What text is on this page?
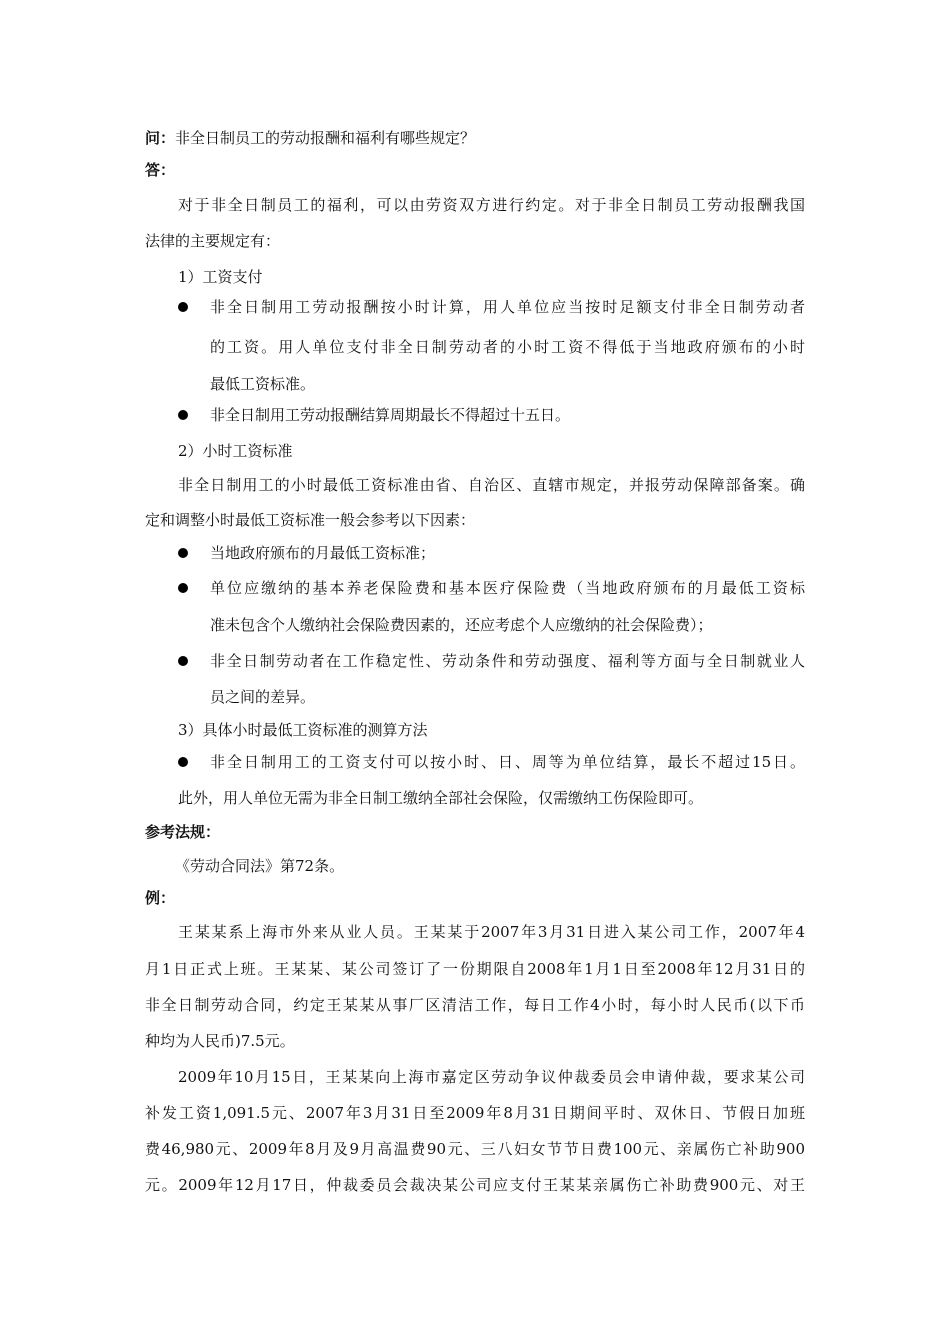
问：非全日制员工的劳动报酬和福利有哪些规定？
答：
对于非全日制员工的福利，可以由劳资双方进行约定。对于非全日制员工劳动报酬我国
法律的主要规定有：
1）工资支付
非全日制用工劳动报酬按小时计算，用人单位应当按时足额支付非全日制劳动者
的工资。用人单位支付非全日制劳动者的小时工资不得低于当地政府颁布的小时
最低工资标准。
非全日制用工劳动报酬结算周期最长不得超过十五日。
2）小时工资标准
非全日制用工的小时最低工资标准由省、自治区、直辖市规定，并报劳动保障部备案。确
定和调整小时最低工资标准一般会参考以下因素：
当地政府颁布的月最低工资标准；
单位应缴纳的基本养老保险费和基本医疗保险费（当地政府颁布的月最低工资标
准未包含个人缴纳社会保险费因素的，还应考虑个人应缴纳的社会保险费）；
非全日制劳动者在工作稳定性、劳动条件和劳动强度、福利等方面与全日制就业人
员之间的差异。
3）具体小时最低工资标准的测算方法
非全日制用工的工资支付可以按小时、日、周等为单位结算，最长不超过15日。
此外，用人单位无需为非全日制工缴纳全部社会保险，仅需缴纳工伤保险即可。
参考法规：
《劳动合同法》第72条。
例：
王某某系上海市外来从业人员。王某某于2007年3月31日进入某公司工作，2007年4
月1日正式上班。王某某、某公司签订了一份期限自2008年1月1日至2008年12月31日的
非全日制劳动合同，约定王某某从事厂区清洁工作，每日工作4小时，每小时人民币(以下币
种均为人民币)7.5元。
2009年10月15日，王某某向上海市嘉定区劳动争议仲裁委员会申请仲裁，要求某公司
补发工资1,091.5元、2007年3月31日至2009年8月31日期间平时、双休日、节假日加班
费46,980元、2009年8月及9月高温费90元、三八妇女节节日费100元、亲属伤亡补助900
元。2009年12月17日，仲裁委员会裁决某公司应支付王某某亲属伤亡补助费900元、对王
